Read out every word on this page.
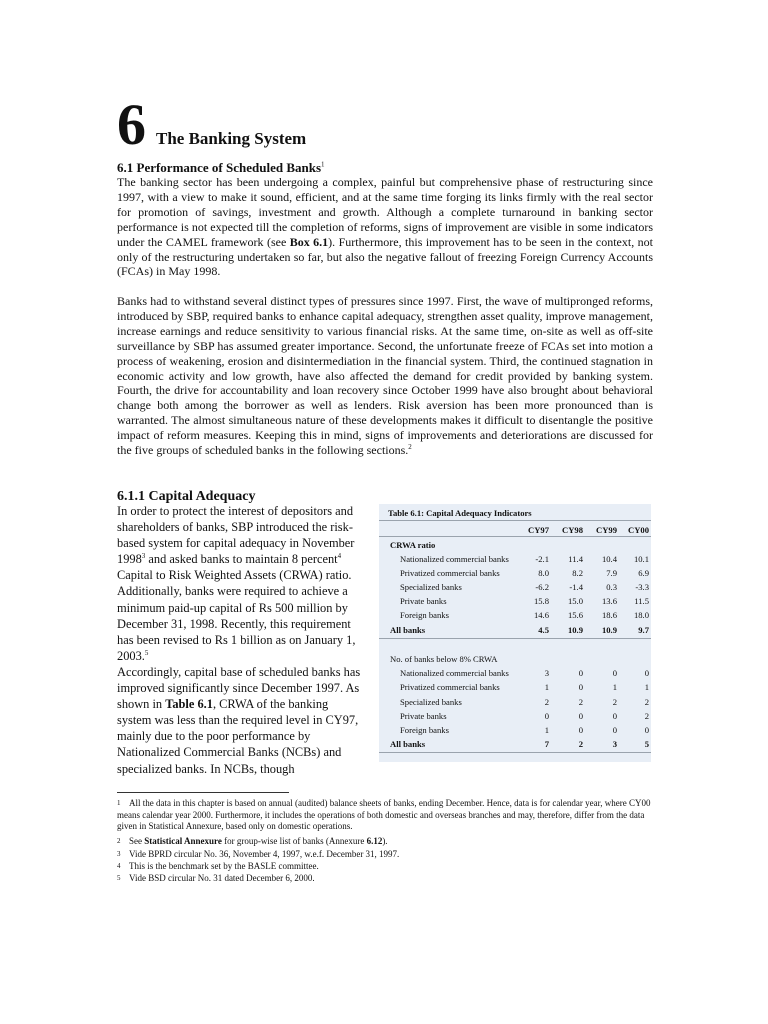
6 The Banking System
6.1 Performance of Scheduled Banks$^1$

The banking sector has been undergoing a complex, painful but comprehensive phase of restructuring since 1997, with a view to make it sound, efficient, and at the same time forging its links firmly with the real sector for promotion of savings, investment and growth. Although a complete turnaround in banking sector performance is not expected till the completion of reforms, signs of improvement are visible in some indicators under the CAMEL framework (see Box 6.1). Furthermore, this improvement has to be seen in the context, not only of the restructuring undertaken so far, but also the negative fallout of freezing Foreign Currency Accounts (FCAs) in May 1998.

Banks had to withstand several distinct types of pressures since 1997. First, the wave of multipronged reforms, introduced by SBP, required banks to enhance capital adequacy, strengthen asset quality, improve management, increase earnings and reduce sensitivity to various financial risks. At the same time, on-site as well as off-site surveillance by SBP has assumed greater importance. Second, the unfortunate freeze of FCAs set into motion a process of weakening, erosion and disintermediation in the financial system. Third, the continued stagnation in economic activity and low growth, have also affected the demand for credit provided by banking system. Fourth, the drive for accountability and loan recovery since October 1999 have also brought about behavioral change both among the borrower as well as lenders. Risk aversion has been more pronounced than is warranted. The almost simultaneous nature of these developments makes it difficult to disentangle the positive impact of reform measures. Keeping this in mind, signs of improvements and deteriorations are discussed for the five groups of scheduled banks in the following sections.$^2$

6.1.1 Capital Adequacy

In order to protect the interest of depositors and shareholders of banks, SBP introduced the risk-based system for capital adequacy in November 1998$^3$ and asked banks to maintain 8 percent$^4$ Capital to Risk Weighted Assets (CRWA) ratio. Additionally, banks were required to achieve a minimum paid-up capital of Rs 500 million by December 31, 1998. Recently, this requirement has been revised to Rs 1 billion as on January 1, 2003.$^5$

Accordingly, capital base of scheduled banks has improved significantly since December 1997. As shown in Table 6.1, CRWA of the banking system was less than the required level in CY97, mainly due to the poor performance by Nationalized Commercial Banks (NCBs) and specialized banks. In NCBs, though

Table 6.1: Capital Adequacy Indicators
CY97	CY98	CY99	CY00
CRWA ratio
Nationalized commercial banks	-2.1	11.4	10.4	10.1
Privatized commercial banks	8.0	8.2	7.9	6.9
Specialized banks	-6.2	-1.4	0.3	-3.3
Private banks	15.8	15.0	13.6	11.5
Foreign banks	14.6	15.6	18.6	18.0
All banks	4.5	10.9	10.9	9.7
No. of banks below 8% CRWA
Nationalized commercial banks	3	0	0	0
Privatized commercial banks	1	0	1	1
Specialized banks	2	2	2	2
Private banks	0	0	0	2
Foreign banks	1	0	0	0
All banks	7	2	3	5

1 All the data in this chapter is based on annual (audited) balance sheets of banks, ending December. Hence, data is for calendar year, where CY00 means calendar year 2000. Furthermore, it includes the operations of both domestic and overseas branches and may, therefore, differ from the data given in Statistical Annexure, based only on domestic operations.

2 See Statistical Annexure for group-wise list of banks (Annexure 6.12).

3 Vide BPRD circular No. 36, November 4, 1997, w.e.f. December 31, 1997.

4 This is the benchmark set by the BASLE committee.

5 Vide BSD circular No. 31 dated December 6, 2000.
